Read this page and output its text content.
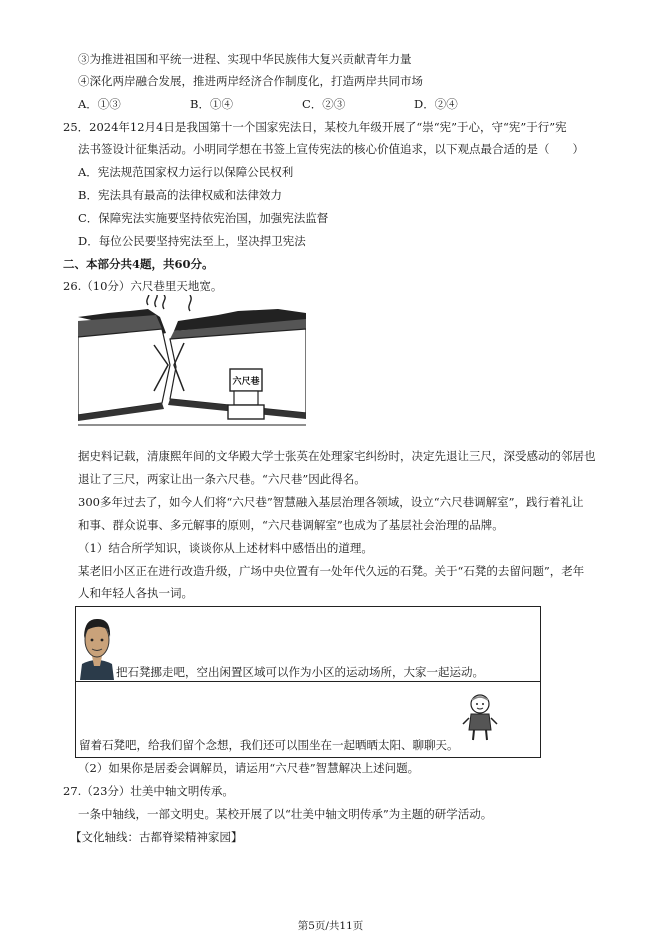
③为推进祖国和平统一进程、实现中华民族伟大复兴贡献青年力量
④深化两岸融合发展，推进两岸经济合作制度化，打造两岸共同市场
A．①③	B．①④	C．②③	D．②④
25．2024年12月4日是我国第十一个国家宪法日，某校九年级开展了“崇“宪”于心，守“宪”于行”宪
法书签设计征集活动。小明同学想在书签上宣传宪法的核心价值追求，以下观点最合适的是（　　）
A．宪法规范国家权力运行以保障公民权利
B．宪法具有最高的法律权威和法律效力
C．保障宪法实施要坚持依宪治国，加强宪法监督
D．每位公民要坚持宪法至上，坚决捍卫宪法
二、本部分共4题，共60分。
26.（10分）六尺巷里天地宽。
六尺巷
据史料记载，清康熙年间的文华殿大学士张英在处理家宅纠纷时，决定先退让三尺，深受感动的邻居也
退让了三尺，两家让出一条六尺巷。“六尺巷”因此得名。
300多年过去了，如今人们将“六尺巷”智慧融入基层治理各领域，设立“六尺巷调解室”，践行着礼让
和事、群众说事、多元解事的原则，“六尺巷调解室”也成为了基层社会治理的品牌。
（1）结合所学知识，谈谈你从上述材料中感悟出的道理。
某老旧小区正在进行改造升级，广场中央位置有一处年代久远的石凳。关于“石凳的去留问题”，老年
人和年轻人各执一词。
把石凳挪走吧，空出闲置区域可以作为小区的运动场所，大家一起运动。
留着石凳吧，给我们留个念想，我们还可以围坐在一起晒晒太阳、聊聊天。
（2）如果你是居委会调解员，请运用“六尺巷”智慧解决上述问题。
27.（23分）壮美中轴文明传承。
一条中轴线，一部文明史。某校开展了以“壮美中轴文明传承”为主题的研学活动。
【文化轴线：古都脊梁精神家园】
第5页/共11页
